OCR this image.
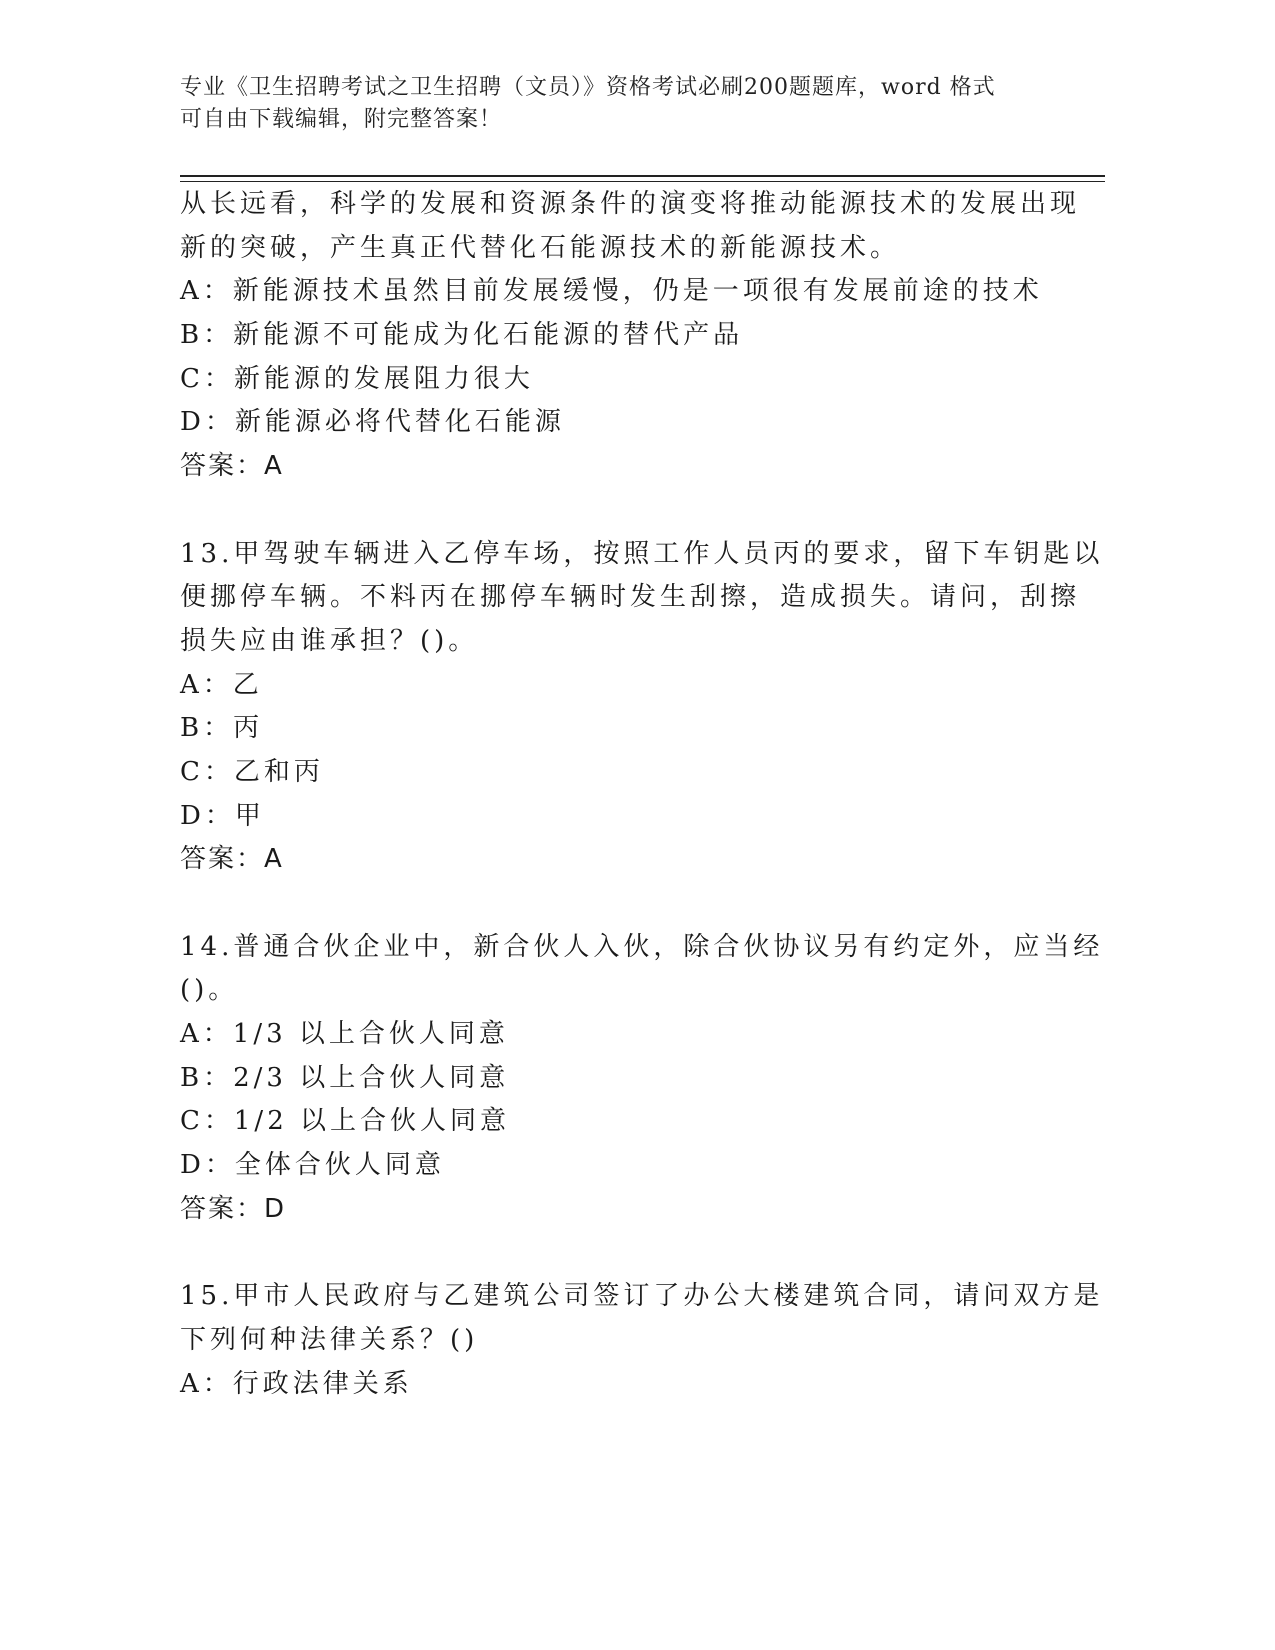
专业《卫生招聘考试之卫生招聘（文员）》资格考试必刷200题题库，word 格式
可自由下载编辑，附完整答案！
从长远看，科学的发展和资源条件的演变将推动能源技术的发展出现
新的突破，产生真正代替化石能源技术的新能源技术。
A：新能源技术虽然目前发展缓慢，仍是一项很有发展前途的技术
B：新能源不可能成为化石能源的替代产品
C：新能源的发展阻力很大
D：新能源必将代替化石能源
答案：A
13.甲驾驶车辆进入乙停车场，按照工作人员丙的要求，留下车钥匙以
便挪停车辆。不料丙在挪停车辆时发生刮擦，造成损失。请问，刮擦
损失应由谁承担？()。
A：乙
B：丙
C：乙和丙
D：甲
答案：A
14.普通合伙企业中，新合伙人入伙，除合伙协议另有约定外，应当经
()。
A：1/3 以上合伙人同意
B：2/3 以上合伙人同意
C：1/2 以上合伙人同意
D：全体合伙人同意
答案：D
15.甲市人民政府与乙建筑公司签订了办公大楼建筑合同，请问双方是
下列何种法律关系？()
A：行政法律关系
